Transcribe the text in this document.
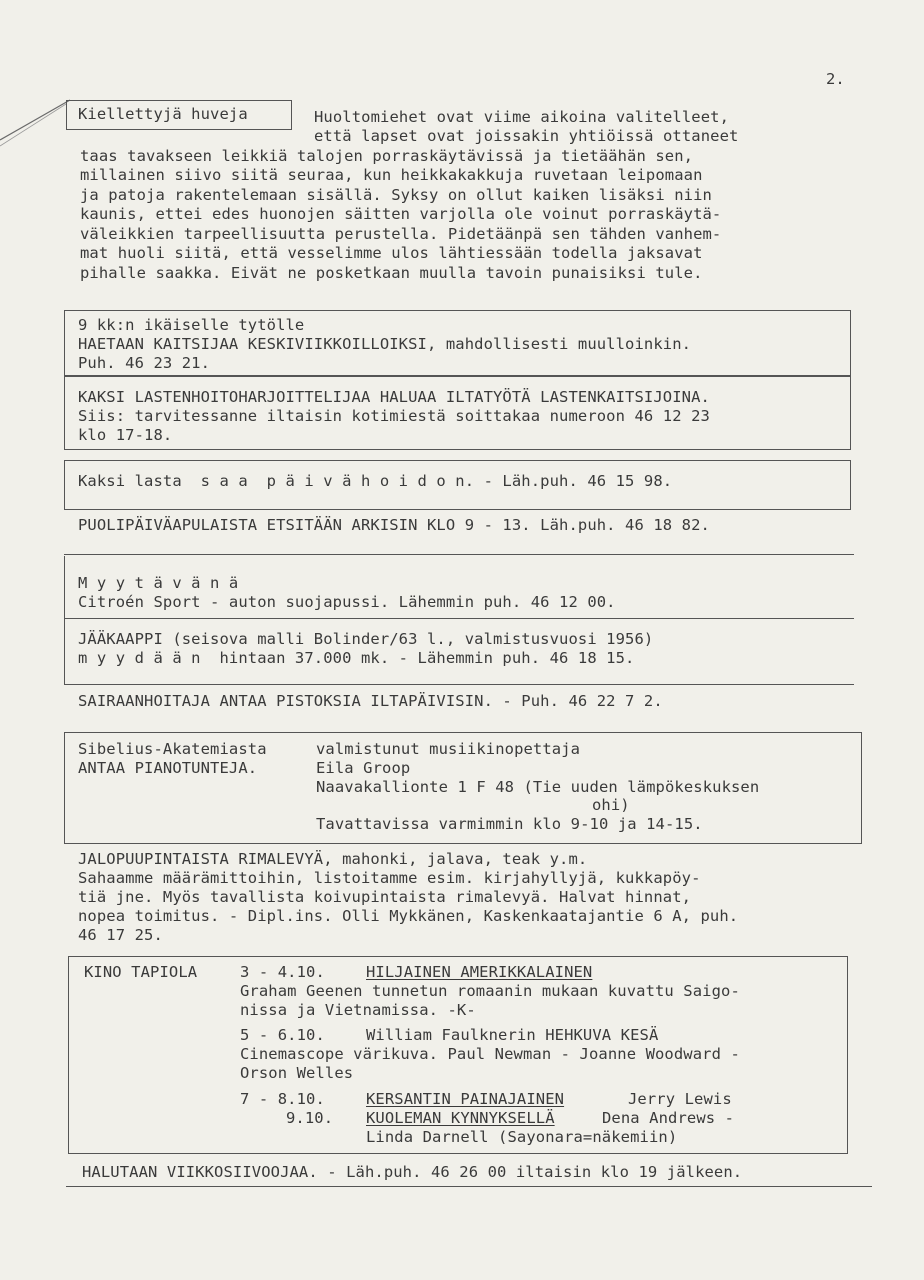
2.
Kiellettyjä huveja	Huoltomiehet ovat viime aikoina valitelleet,
että lapset ovat joissakin yhtiöissä ottaneet
taas tavakseen leikkiä talojen porraskäytävissä ja tietäähän sen,
millainen siivo siitä seuraa, kun heikkakakkuja ruvetaan leipomaan
ja patoja rakentelemaan sisällä. Syksy on ollut kaiken lisäksi niin
kaunis, ettei edes huonojen säitten varjolla ole voinut porraskäytä-
väleikkien tarpeellisuutta perustella. Pidetäänpä sen tähden vanhem-
mat huoli siitä, että vesselimme ulos lähtiessään todella jaksavat
pihalle saakka. Eivät ne posketkaan muulla tavoin punaisiksi tule.
9 kk:n ikäiselle tytölle
HAETAAN KAITSIJAA KESKIVIIKKOILLOIKSI, mahdollisesti muulloinkin.
Puh. 46 23 21.
KAKSI LASTENHOITOHARJOITTELIJAA HALUAA ILTATYÖTÄ LASTENKAITSIJOINA.
Siis: tarvitessanne iltaisin kotimiestä soittakaa numeroon 46 12 23
klo 17-18.
Kaksi lasta  s a a  p ä i v ä h o i d o n. - Läh.puh. 46 15 98.
PUOLIPÄIVÄAPULAISTA ETSITÄÄN ARKISIN KLO 9 - 13. Läh.puh. 46 18 82.
M y y t ä v ä n ä
Citroén Sport - auton suojapussi. Lähemmin puh. 46 12 00.
JÄÄKAAPPI (seisova malli Bolinder/63 l., valmistusvuosi 1956)
m y y d ä ä n  hintaan 37.000 mk. - Lähemmin puh. 46 18 15.
SAIRAANHOITAJA ANTAA PISTOKSIA ILTAPÄIVISIN. - Puh. 46 22 7 2.
Sibelius-Akatemiasta	valmistunut musiikinopettaja
ANTAA PIANOTUNTEJA.	Eila Groop
Naavakallionte 1 F 48 (Tie uuden lämpökeskuksen
ohi)
Tavattavissa varmimmin klo 9-10 ja 14-15.
JALOPUUPINTAISTA RIMALEVYÄ, mahonki, jalava, teak y.m.
Sahaamme määrämittoihin, listoitamme esim. kirjahyllyjä, kukkapöy-
tiä jne. Myös tavallista koivupintaista rimalevyä. Halvat hinnat,
nopea toimitus. - Dipl.ins. Olli Mykkänen, Kaskenkaatajantie 6 A, puh.
46 17 25.
KINO TAPIOLA	3 - 4.10.	HILJAINEN AMERIKKALAINEN
Graham Geenen tunnetun romaanin mukaan kuvattu Saigo-
nissa ja Vietnamissa. -K-
5 - 6.10.	William Faulknerin HEHKUVA KESÄ
Cinemascope värikuva. Paul Newman - Joanne Woodward -
Orson Welles
7 - 8.10.	KERSANTIN PAINAJAINEN	Jerry Lewis
9.10. KUOLEMAN KYNNYKSELLÄ	Dena Andrews -
Linda Darnell (Sayonara=näkemiin)
HALUTAAN VIIKKOSIIVOOJAA. - Läh.puh. 46 26 00 iltaisin klo 19 jälkeen.
